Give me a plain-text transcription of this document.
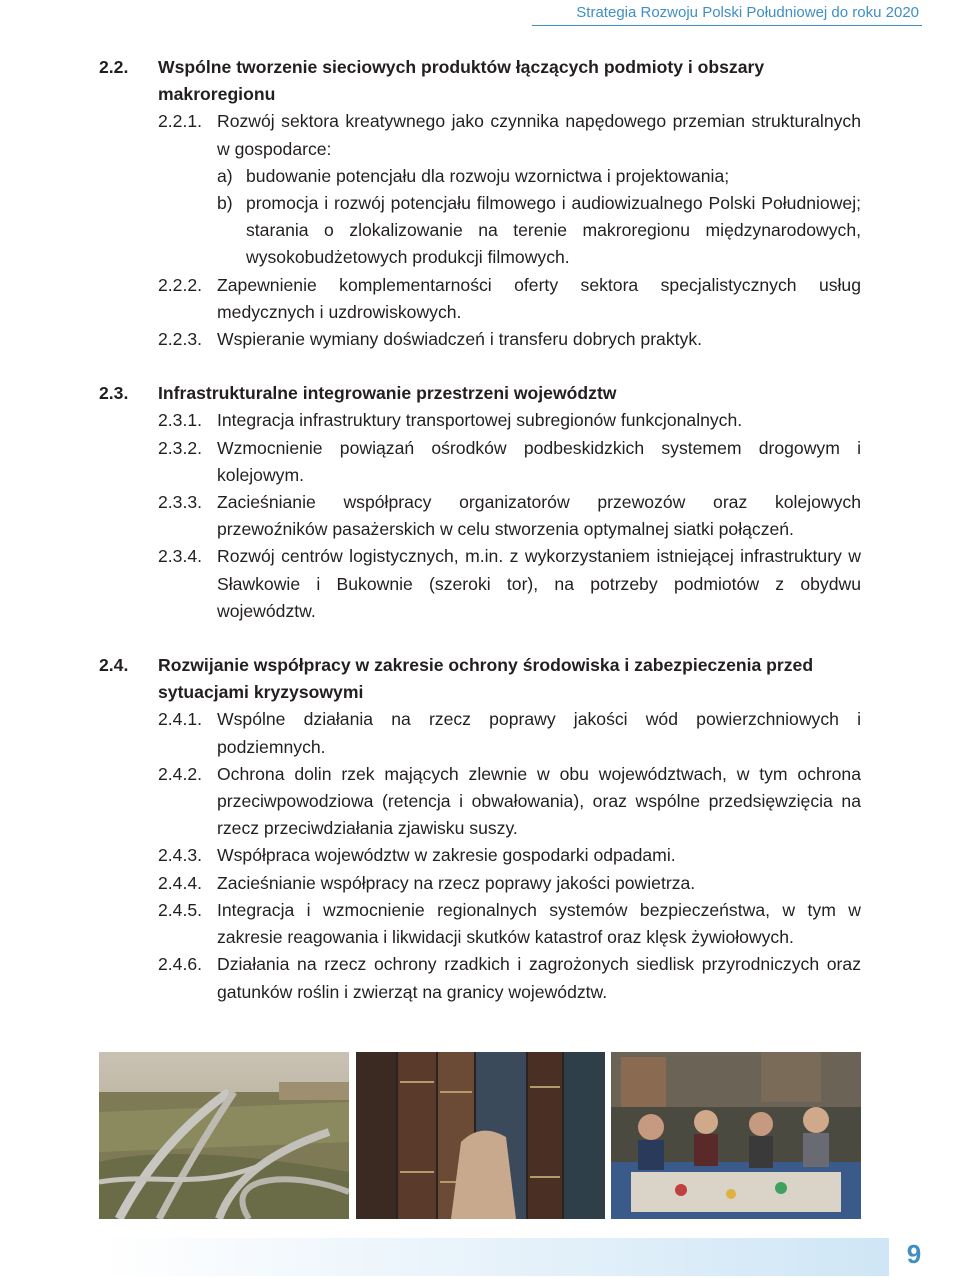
Strategia Rozwoju Polski Południowej do roku 2020
2.2.	Wspólne tworzenie sieciowych produktów łączących podmioty i obszary makroregionu
2.2.1. Rozwój sektora kreatywnego jako czynnika napędowego przemian strukturalnych w gospodarce:
a) budowanie potencjału dla rozwoju wzornictwa i projektowania;
b) promocja i rozwój potencjału filmowego i audiowizualnego Polski Południowej; starania o zlokalizowanie na terenie makroregionu międzynarodowych, wysokobudżetowych produkcji filmowych.
2.2.2. Zapewnienie komplementarności oferty sektora specjalistycznych usług medycznych i uzdrowiskowych.
2.2.3. Wspieranie wymiany doświadczeń i transferu dobrych praktyk.
2.3.	Infrastrukturalne integrowanie przestrzeni województw
2.3.1. Integracja infrastruktury transportowej subregionów funkcjonalnych.
2.3.2. Wzmocnienie powiązań ośrodków podbeskidzkich systemem drogowym i kolejowym.
2.3.3. Zacieśnianie współpracy organizatorów przewozów oraz kolejowych przewoźników pasażerskich w celu stworzenia optymalnej siatki połączeń.
2.3.4. Rozwój centrów logistycznych, m.in. z wykorzystaniem istniejącej infrastruktury w Sławkowie i Bukownie (szeroki tor), na potrzeby podmiotów z obydwu województw.
2.4.	Rozwijanie współpracy w zakresie ochrony środowiska i zabezpieczenia przed sytuacjami kryzysowymi
2.4.1. Wspólne działania na rzecz poprawy jakości wód powierzchniowych i podziemnych.
2.4.2. Ochrona dolin rzek mających zlewnie w obu województwach, w tym ochrona przeciwpowodziowa (retencja i obwałowania), oraz wspólne przedsięwzięcia na rzecz przeciwdziałania zjawisku suszy.
2.4.3. Współpraca województw w zakresie gospodarki odpadami.
2.4.4. Zacieśnianie współpracy na rzecz poprawy jakości powietrza.
2.4.5. Integracja i wzmocnienie regionalnych systemów bezpieczeństwa, w tym w zakresie reagowania i likwidacji skutków katastrof oraz klęsk żywiołowych.
2.4.6. Działania na rzecz ochrony rzadkich i zagrożonych siedlisk przyrodniczych oraz gatunków roślin i zwierząt na granicy województw.
9
